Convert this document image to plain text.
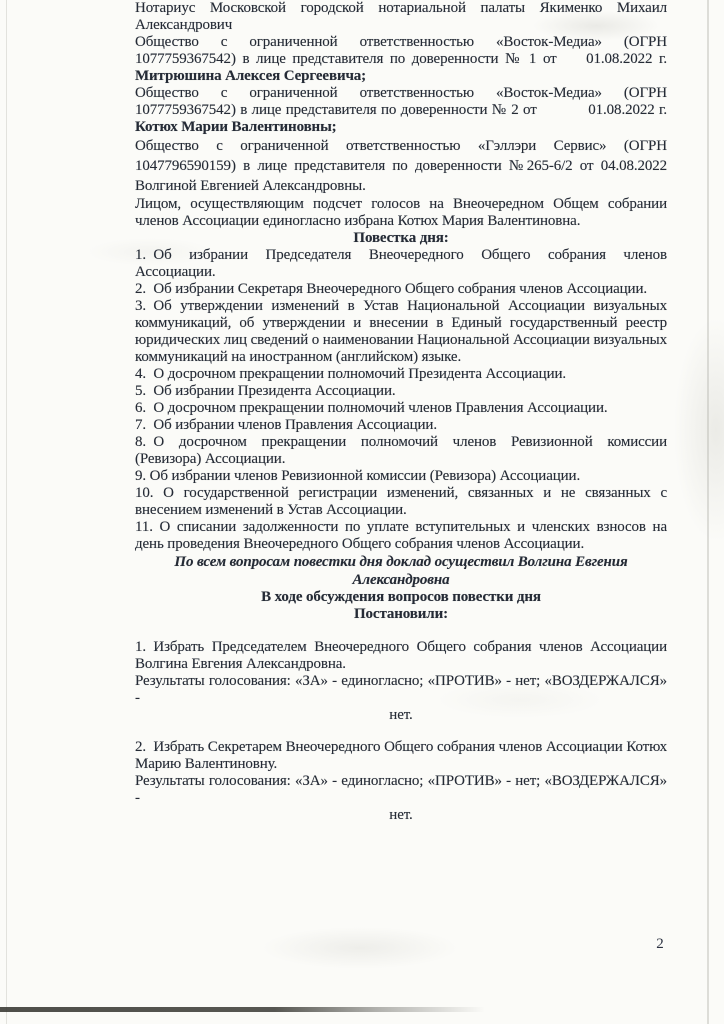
Нотариус Московской городской нотариальной палаты Якименко Михаил Александрович

Общество с ограниченной ответственностью «Восток-Медиа» (ОГРН 1077759367542) в лице представителя по доверенности № 1 от    01.08.2022 г. Митрюшина Алексея Сергеевича;

Общество с ограниченной ответственностью «Восток-Медиа» (ОГРН 1077759367542) в лице представителя по доверенности № 2 от       01.08.2022 г. Котюх Марии Валентиновны;

Общество с ограниченной ответственностью «Гэллэри Сервис» (ОГРН 1047796590159) в лице представителя по доверенности №265-6/2 от 04.08.2022 Волгиной Евгенией Александровны.

Лицом, осуществляющим подсчет голосов на Внеочередном Общем собрании членов Ассоциации единогласно избрана Котюх Мария Валентиновна.

Повестка дня:
1. Об избрании Председателя Внеочередного Общего собрания членов Ассоциации.
2. Об избрании Секретаря Внеочередного Общего собрания членов Ассоциации.
3. Об утверждении изменений в Устав Национальной Ассоциации визуальных коммуникаций, об утверждении и внесении в Единый государственный реестр юридических лиц сведений о наименовании Национальной Ассоциации визуальных коммуникаций на иностранном (английском) языке.
4. О досрочном прекращении полномочий Президента Ассоциации.
5. Об избрании Президента Ассоциации.
6. О досрочном прекращении полномочий членов Правления Ассоциации.
7. Об избрании членов Правления Ассоциации.
8. О досрочном прекращении полномочий членов Ревизионной комиссии (Ревизора) Ассоциации.
9. Об избрании членов Ревизионной комиссии (Ревизора) Ассоциации.
10. О государственной регистрации изменений, связанных и не связанных с внесением изменений в Устав Ассоциации.
11. О списании задолженности по уплате вступительных и членских взносов на день проведения Внеочередного Общего собрания членов Ассоциации.
По всем вопросам повестки дня доклад осуществил Волгина Евгения
Александровна
В ходе обсуждения вопросов повестки дня
Постановили:
1. Избрать Председателем Внеочередного Общего собрания членов Ассоциации Волгина Евгения Александровна.
Результаты голосования: «ЗА» - единогласно; «ПРОТИВ» - нет; «ВОЗДЕРЖАЛСЯ» -
нет.
2. Избрать Секретарем Внеочередного Общего собрания членов Ассоциации Котюх Марию Валентиновну.
Результаты голосования: «ЗА» - единогласно; «ПРОТИВ» - нет; «ВОЗДЕРЖАЛСЯ» -
нет.
2
